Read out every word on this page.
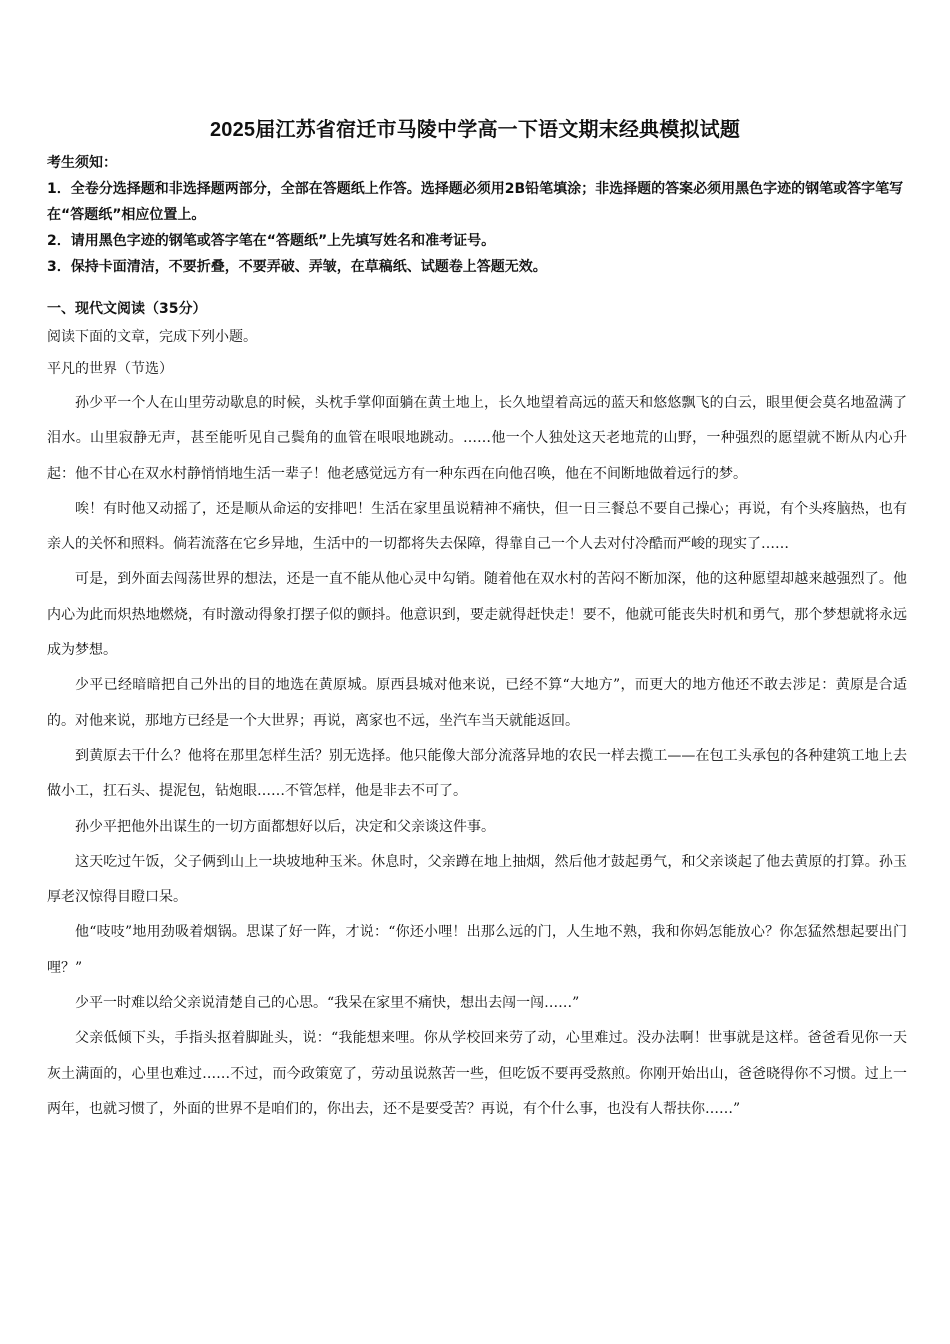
2025届江苏省宿迁市马陵中学高一下语文期末经典模拟试题
考生须知：
1．全卷分选择题和非选择题两部分，全部在答题纸上作答。选择题必须用2B铅笔填涂；非选择题的答案必须用黑色字迹的钢笔或答字笔写在“答题纸”相应位置上。
2．请用黑色字迹的钢笔或答字笔在“答题纸”上先填写姓名和准考证号。
3．保持卡面清洁，不要折叠，不要弄破、弄皱，在草稿纸、试题卷上答题无效。
一、现代文阅读（35分）
阅读下面的文章，完成下列小题。
平凡的世界（节选）

孙少平一个人在山里劳动歇息的时候，头枕手掌仰面躺在黄土地上，长久地望着高远的蓝天和悠悠飘飞的白云，眼里便会莫名地盈满了泪水。山里寂静无声，甚至能听见自己鬓角的血管在哏哏地跳动。……他一个人独处这天老地荒的山野，一种强烈的愿望就不断从内心升起：他不甘心在双水村静悄悄地生活一辈子！他老感觉远方有一种东西在向他召唤，他在不间断地做着远行的梦。

唉！有时他又动摇了，还是顺从命运的安排吧！生活在家里虽说精神不痛快，但一日三餐总不要自己操心；再说，有个头疼脑热，也有亲人的关怀和照料。倘若流落在它乡异地，生活中的一切都将失去保障，得靠自己一个人去对付冷酷而严峻的现实了……

可是，到外面去闯荡世界的想法，还是一直不能从他心灵中勾销。随着他在双水村的苦闷不断加深，他的这种愿望却越来越强烈了。他内心为此而炽热地燃烧，有时激动得象打摆子似的颤抖。他意识到，要走就得赶快走！要不，他就可能丧失时机和勇气，那个梦想就将永远成为梦想。

少平已经暗暗把自己外出的目的地选在黄原城。原西县城对他来说，已经不算“大地方”，而更大的地方他还不敢去涉足：黄原是合适的。对他来说，那地方已经是一个大世界；再说，离家也不远，坐汽车当天就能返回。

到黄原去干什么？他将在那里怎样生活？别无选择。他只能像大部分流落异地的农民一样去揽工——在包工头承包的各种建筑工地上去做小工，扛石头、提泥包，钻炮眼……不管怎样，他是非去不可了。

孙少平把他外出谋生的一切方面都想好以后，决定和父亲谈这件事。

这天吃过午饭，父子俩到山上一块坡地种玉米。休息时，父亲蹲在地上抽烟，然后他才鼓起勇气，和父亲谈起了他去黄原的打算。孙玉厚老汉惊得目瞪口呆。

他“吱吱”地用劲吸着烟锅。思谋了好一阵，才说：“你还小哩！出那么远的门，人生地不熟，我和你妈怎能放心？你怎猛然想起要出门哩？”

少平一时难以给父亲说清楚自己的心思。“我呆在家里不痛快，想出去闯一闯……”

父亲低倾下头，手指头抠着脚趾头，说：“我能想来哩。你从学校回来劳了动，心里难过。没办法啊！世事就是这样。爸爸看见你一天灰土满面的，心里也难过……不过，而今政策宽了，劳动虽说熬苦一些，但吃饭不要再受熬煎。你刚开始出山，爸爸晓得你不习惯。过上一两年，也就习惯了，外面的世界不是咱们的，你出去，还不是要受苦？再说，有个什么事，也没有人帮扶你……”
